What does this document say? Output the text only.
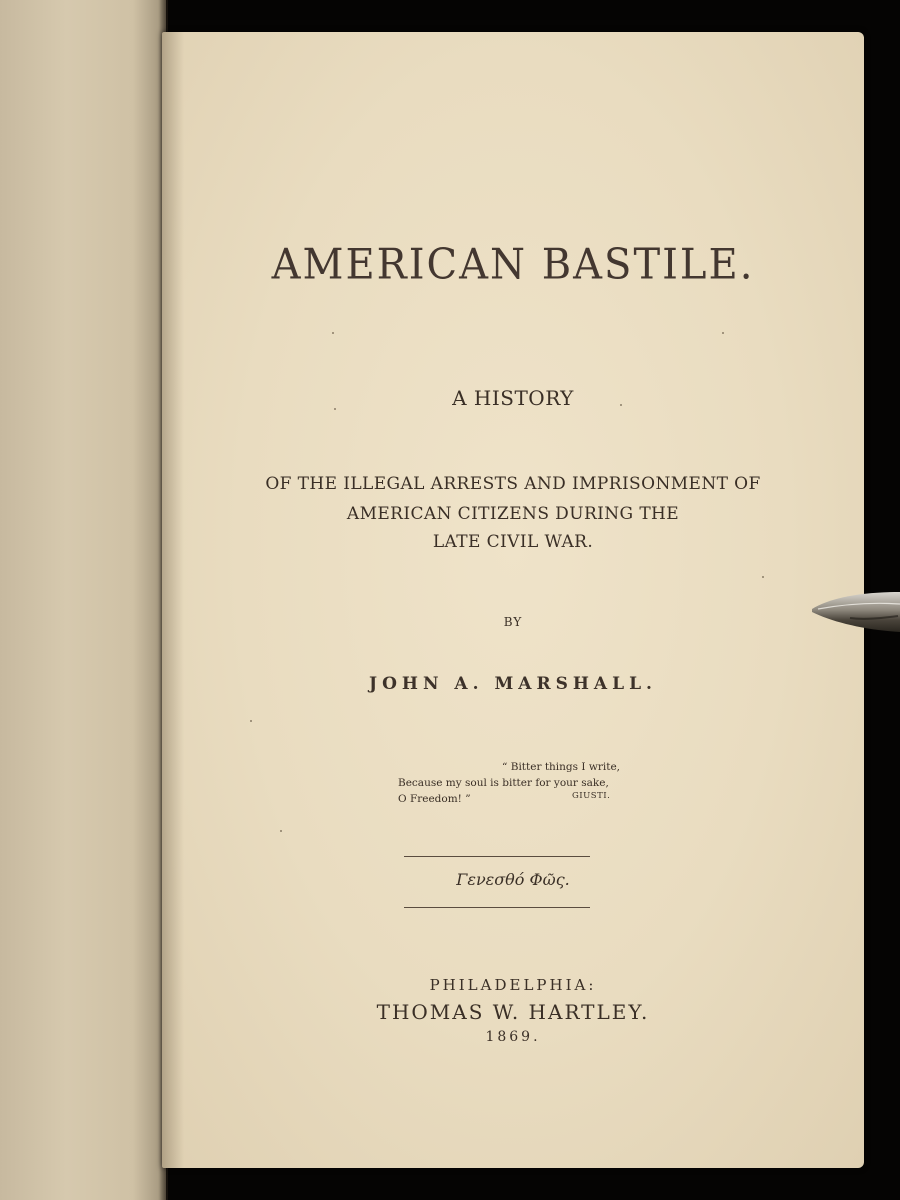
AMERICAN BASTILE.
A HISTORY
OF THE ILLEGAL ARRESTS AND IMPRISONMENT OF
AMERICAN CITIZENS DURING THE
LATE CIVIL WAR.
BY
JOHN A. MARSHALL.
“ Bitter things I write,
Because my soul is bitter for your sake,
O Freedom! ”	GIUSTI.
Γενεσθό Φῶς.
PHILADELPHIA:
THOMAS W. HARTLEY.
1869.
